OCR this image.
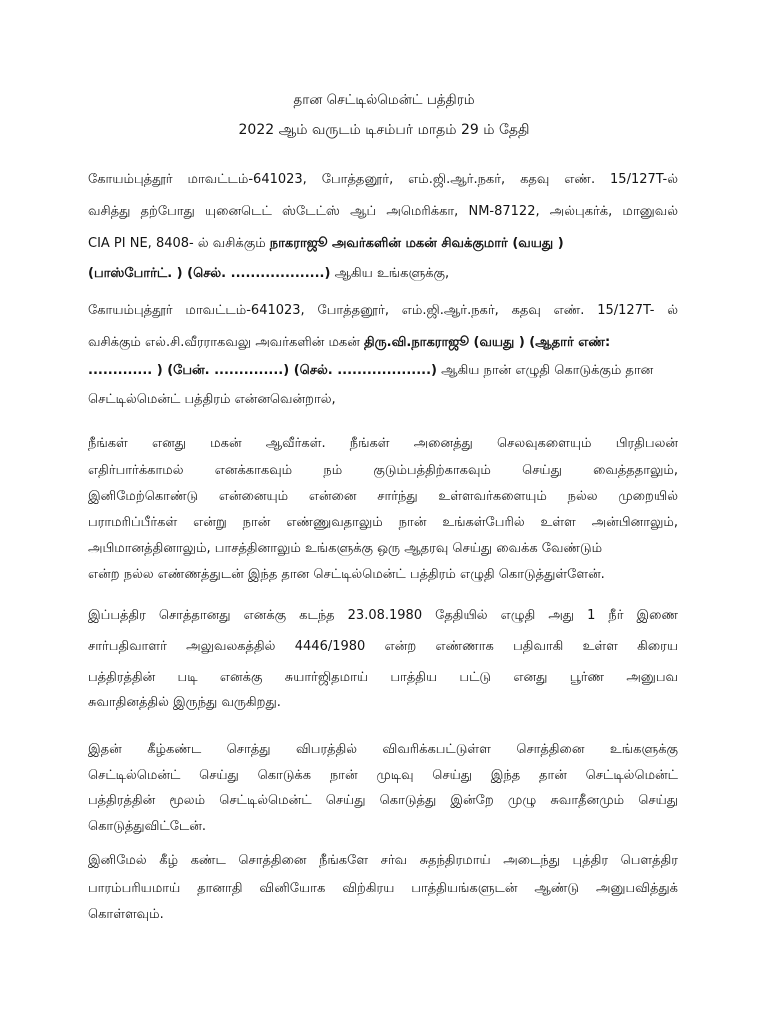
தான செட்டில்மென்ட் பத்திரம்
2022 ஆம் வருடம் டிசம்பர் மாதம் 29 ம் தேதி
கோயம்புத்தூர் மாவட்டம்-641023, போத்தனூர், எம்.ஜி.ஆர்.நகர், கதவு எண். 15/127T-ல்
வசித்து தற்போது யுனைடெட் ஸ்டேட்ஸ் ஆப் அமெரிக்கா, NM-87122, அல்புகர்க், மானுவல்
CIA PI NE, 8408- ல் வசிக்கும் நாகராஜூ அவர்களின் மகன் சிவக்குமார் (வயது )
(பாஸ்போர்ட். ) (செல். ...................) ஆகிய உங்களுக்கு,
கோயம்புத்தூர் மாவட்டம்-641023, போத்தனூர், எம்.ஜி.ஆர்.நகர், கதவு எண். 15/127T- ல்
வசிக்கும் எல்.சி.வீரராகவலு அவர்களின் மகன் திரு.வி.நாகராஜூ (வயது ) (ஆதார் எண்:
............. ) (பேன். ..............) (செல். ...................) ஆகிய நான் எழுதி கொடுக்கும் தான
செட்டில்மென்ட் பத்திரம் என்னவென்றால்,
நீங்கள் எனது மகன் ஆவீர்கள். நீங்கள் அனைத்து செலவுகளையும் பிரதிபலன்
எதிர்பார்க்காமல் எனக்காகவும் நம் குடும்பத்திற்காகவும் செய்து வைத்ததாலும்,
இனிமேற்கொண்டு என்னையும் என்னை சார்ந்து உள்ளவர்களையும் நல்ல முறையில்
பராமரிப்பீர்கள் என்று நான் எண்ணுவதாலும் நான் உங்கள்பேரில் உள்ள அன்பினாலும்,
அபிமானத்தினாலும், பாசத்தினாலும் உங்களுக்கு ஒரு ஆதரவு செய்து வைக்க வேண்டும்
என்ற நல்ல எண்ணத்துடன் இந்த தான செட்டில்மென்ட் பத்திரம் எழுதி கொடுத்துள்ளேன்.
இப்பத்திர சொத்தானது எனக்கு கடந்த 23.08.1980 தேதியில் எழுதி அது 1 நீர் இணை
சார்பதிவாளர் அலுவலகத்தில் 4446/1980 என்ற எண்ணாக பதிவாகி உள்ள கிரைய
பத்திரத்தின் படி எனக்கு சுயார்ஜிதமாய் பாத்திய பட்டு எனது பூர்ண அனுபவ
சுவாதினத்தில் இருந்து வருகிறது.
இதன் கீழ்கண்ட சொத்து விபரத்தில் விவரிக்கபட்டுள்ள சொத்தினை உங்களுக்கு
செட்டில்மென்ட் செய்து கொடுக்க நான் முடிவு செய்து இந்த தான் செட்டில்மென்ட்
பத்திரத்தின் மூலம் செட்டில்மென்ட் செய்து கொடுத்து இன்றே முழு சுவாதீனமும் செய்து
கொடுத்துவிட்டேன்.
இனிமேல் கீழ் கண்ட சொத்தினை நீங்களே சர்வ சுதந்திரமாய் அடைந்து புத்திர பௌத்திர
பாரம்பரியமாய் தானாதி வினியோக விற்கிரய பாத்தியங்களுடன் ஆண்டு அனுபவித்துக்
கொள்ளவும்.
